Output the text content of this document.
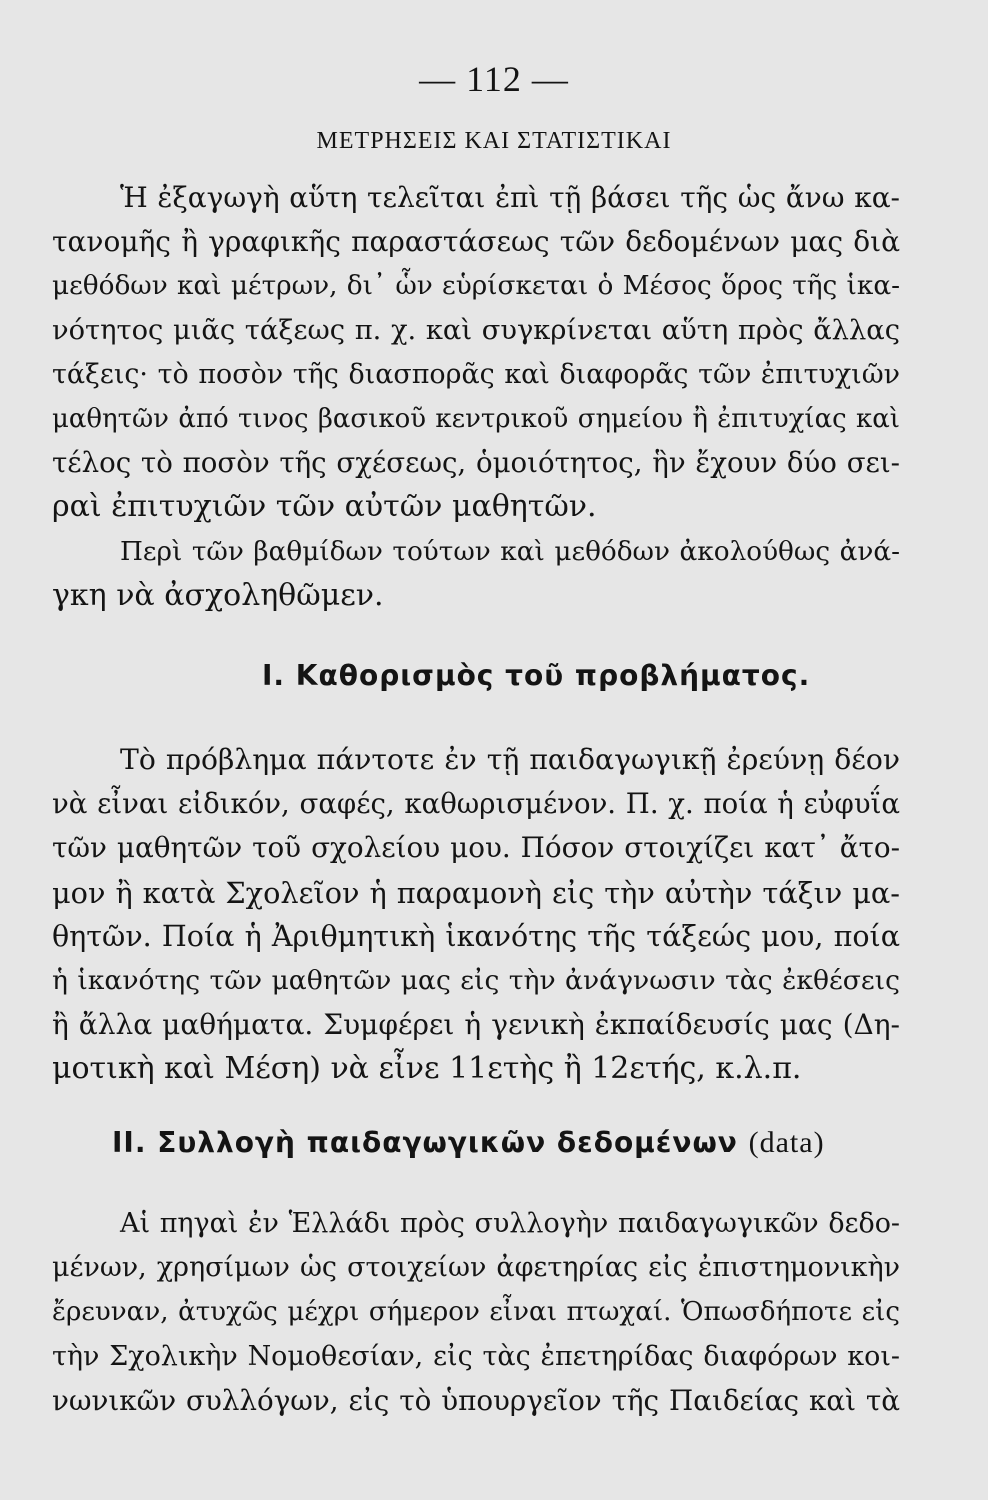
— 112 —
ΜΕΤΡΗΣΕΙΣ ΚΑΙ ΣΤΑΤΙΣΤΙΚΑΙ
Ἡ ἐξαγωγὴ αὕτη τελεῖται ἐπὶ τῇ βάσει τῆς ὡς ἄνω κα-
τανομῆς ἢ γραφικῆς παραστάσεως τῶν δεδομένων μας διὰ
μεθόδων καὶ μέτρων, δι᾽ ὧν εὑρίσκεται ὁ Μέσος ὅρος τῆς ἱκα-
νότητος μιᾶς τάξεως π. χ. καὶ συγκρίνεται αὕτη πρὸς ἄλλας
τάξεις· τὸ ποσὸν τῆς διασπορᾶς καὶ διαφορᾶς τῶν ἐπιτυχιῶν
μαθητῶν ἀπό τινος βασικοῦ κεντρικοῦ σημείου ἢ ἐπιτυχίας καὶ
τέλος τὸ ποσὸν τῆς σχέσεως, ὁμοιότητος, ἣν ἔχουν δύο σει-
ραὶ ἐπιτυχιῶν τῶν αὐτῶν μαθητῶν.
Περὶ τῶν βαθμίδων τούτων καὶ μεθόδων ἀκολούθως ἀνά-
γκη νὰ ἀσχοληθῶμεν.
Ι. Καθορισμὸς τοῦ προβλήματος.
Τὸ πρόβλημα πάντοτε ἐν τῇ παιδαγωγικῇ ἐρεύνῃ δέον
νὰ εἶναι εἰδικόν, σαφές, καθωρισμένον. Π. χ. ποία ἡ εὐφυΐα
τῶν μαθητῶν τοῦ σχολείου μου. Πόσον στοιχίζει κατ᾽ ἄτο-
μον ἢ κατὰ Σχολεῖον ἡ παραμονὴ εἰς τὴν αὐτὴν τάξιν μα-
θητῶν. Ποία ἡ Ἀριθμητικὴ ἱκανότης τῆς τάξεώς μου, ποία
ἡ ἱκανότης τῶν μαθητῶν μας εἰς τὴν ἀνάγνωσιν τὰς ἐκθέσεις
ἢ ἄλλα μαθήματα. Συμφέρει ἡ γενικὴ ἐκπαίδευσίς μας (Δη-
μοτικὴ καὶ Μέση) νὰ εἶνε 11ετὴς ἢ 12ετής, κ.λ.π.
ΙΙ. Συλλογὴ παιδαγωγικῶν δεδομένων (data)
Αἱ πηγαὶ ἐν Ἑλλάδι πρὸς συλλογὴν παιδαγωγικῶν δεδο-
μένων, χρησίμων ὡς στοιχείων ἀφετηρίας εἰς ἐπιστημονικὴν
ἔρευναν, ἀτυχῶς μέχρι σήμερον εἶναι πτωχαί. Ὁπωσδήποτε εἰς
τὴν Σχολικὴν Νομοθεσίαν, εἰς τὰς ἐπετηρίδας διαφόρων κοι-
νωνικῶν συλλόγων, εἰς τὸ ὑπουργεῖον τῆς Παιδείας καὶ τὰ
